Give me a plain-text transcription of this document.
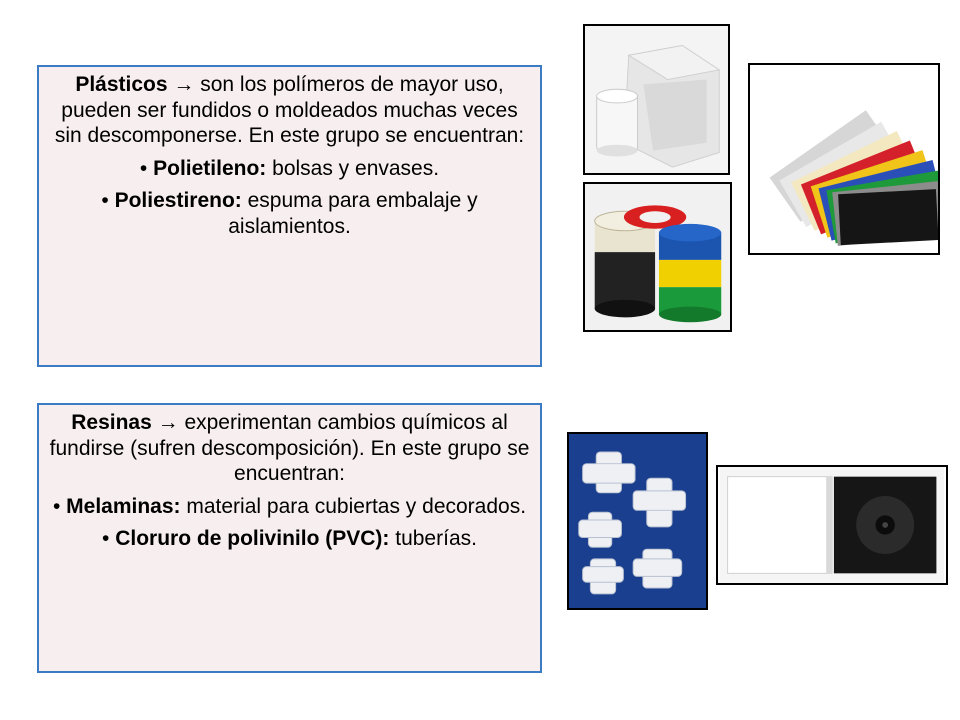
Plásticos → son los polímeros de mayor uso, pueden ser fundidos o moldeados muchas veces sin descomponerse. En este grupo se encuentran:

• Polietileno: bolsas y envases.

• Poliestireno: espuma para embalaje y aislamientos.

Resinas → experimentan cambios químicos al fundirse (sufren descomposición). En este grupo se encuentran:

• Melaminas: material para cubiertas y decorados.

• Cloruro de polivinilo (PVC): tuberías.
